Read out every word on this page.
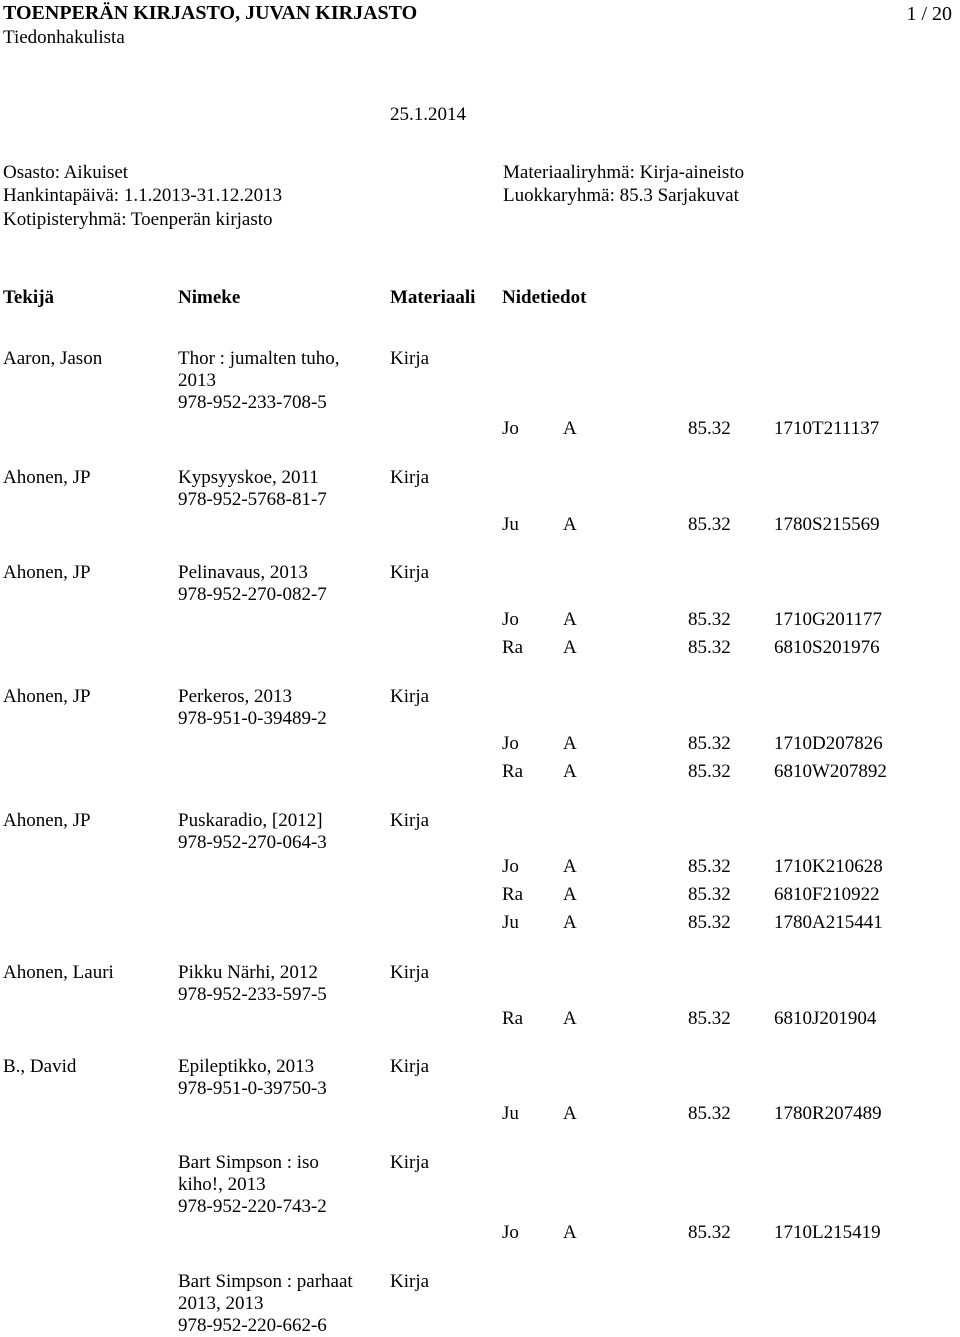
TOENPERÄN KIRJASTO, JUVAN KIRJASTO	1 / 20
Tiedonhakulista
25.1.2014
Osasto: Aikuiset
Hankintapäivä: 1.1.2013-31.12.2013
Kotipisteryhmä: Toenperän kirjasto
Materiaaliryhmä: Kirja-aineisto
Luokkaryhmä: 85.3 Sarjakuvat
Tekijä	Nimeke	Materiaali Nidetiedot
Aaron, Jason	Thor : jumalten tuho,
2013
978-952-233-708-5
Kirja
Jo A	85.32 1710T211137
Ahonen, JP	Kypsyyskoe, 2011
978-952-5768-81-7
Kirja
Ju A	85.32 1780S215569
Ahonen, JP	Pelinavaus, 2013
978-952-270-082-7
Kirja
Jo A	85.32 1710G201177
Ra A	85.32 6810S201976
Ahonen, JP	Perkeros, 2013
978-951-0-39489-2
Kirja
Jo A	85.32 1710D207826
Ra A	85.32 6810W207892
Ahonen, JP	Puskaradio, [2012]
978-952-270-064-3
Kirja
Jo A	85.32 1710K210628
Ra A	85.32 6810F210922
Ju A	85.32 1780A215441
Ahonen, Lauri	Pikku Närhi, 2012
978-952-233-597-5
Kirja
Ra A	85.32 6810J201904
B., David	Epileptikko, 2013
978-951-0-39750-3
Kirja
Ju A	85.32 1780R207489
Bart Simpson : iso
kiho!, 2013
978-952-220-743-2
Kirja
Jo A	85.32 1710L215419
Bart Simpson : parhaat
2013, 2013
978-952-220-662-6
Kirja
